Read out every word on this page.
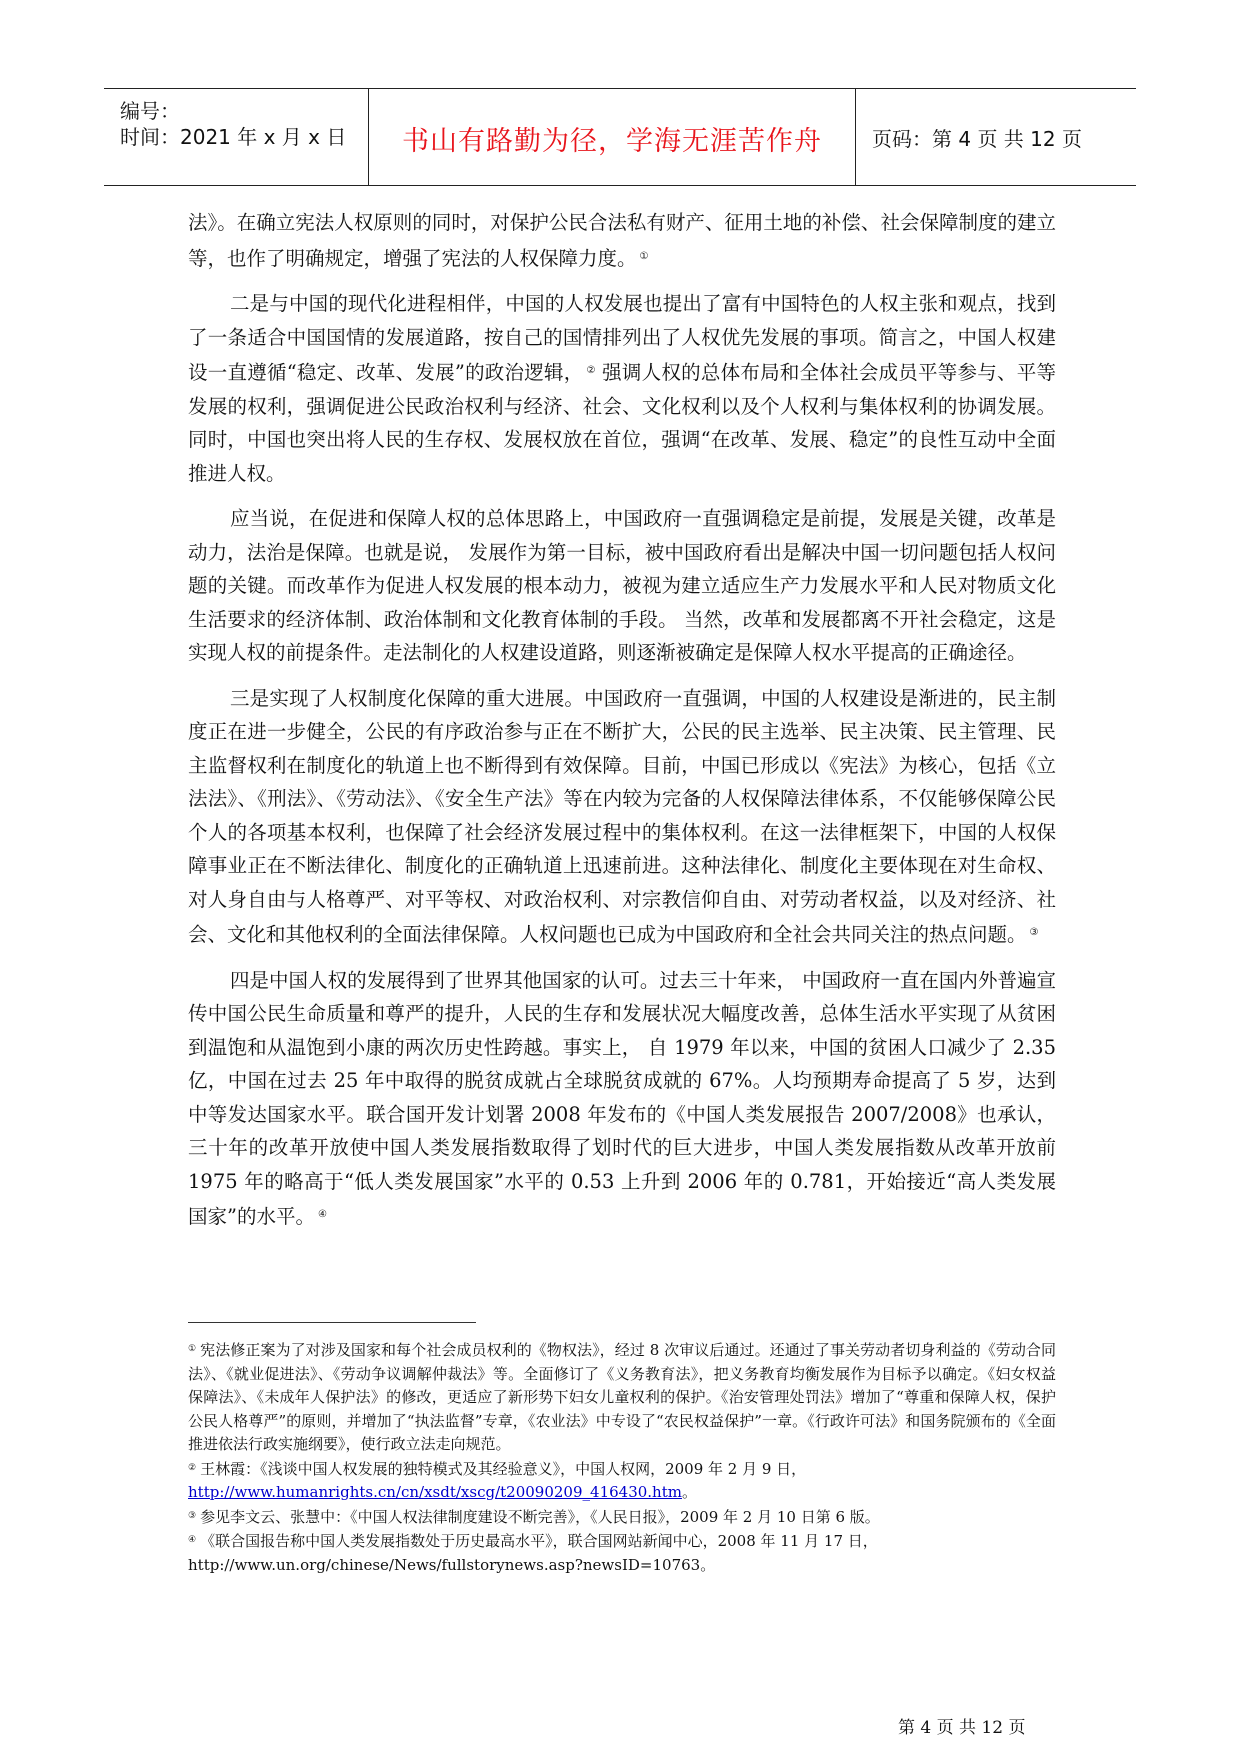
编号：
时间：2021 年 x 月 x 日	书山有路勤为径，学海无涯苦作舟	页码：第 4 页 共 12 页

法》。在确立宪法人权原则的同时，对保护公民合法私有财产、征用土地的补偿、社会保障制度的建立等，也作了明确规定，增强了宪法的人权保障力度。 ①

二是与中国的现代化进程相伴，中国的人权发展也提出了富有中国特色的人权主张和观点，找到了一条适合中国国情的发展道路，按自己的国情排列出了人权优先发展的事项。简言之，中国人权建设一直遵循“稳定、改革、发展”的政治逻辑， ② 强调人权的总体布局和全体社会成员平等参与、平等发展的权利，强调促进公民政治权利与经济、社会、文化权利以及个人权利与集体权利的协调发展。同时，中国也突出将人民的生存权、发展权放在首位，强调“在改革、发展、稳定”的良性互动中全面推进人权。

应当说，在促进和保障人权的总体思路上，中国政府一直强调稳定是前提，发展是关键，改革是动力，法治是保障。也就是说， 发展作为第一目标，被中国政府看出是解决中国一切问题包括人权问题的关键。而改革作为促进人权发展的根本动力，被视为建立适应生产力发展水平和人民对物质文化生活要求的经济体制、政治体制和文化教育体制的手段。 当然，改革和发展都离不开社会稳定，这是实现人权的前提条件。走法制化的人权建设道路，则逐渐被确定是保障人权水平提高的正确途径。

三是实现了人权制度化保障的重大进展。中国政府一直强调，中国的人权建设是渐进的，民主制度正在进一步健全，公民的有序政治参与正在不断扩大，公民的民主选举、民主决策、民主管理、民主监督权利在制度化的轨道上也不断得到有效保障。目前，中国已形成以《宪法》为核心，包括《立法法》、《刑法》、《劳动法》、《安全生产法》等在内较为完备的人权保障法律体系，不仅能够保障公民个人的各项基本权利，也保障了社会经济发展过程中的集体权利。在这一法律框架下，中国的人权保障事业正在不断法律化、制度化的正确轨道上迅速前进。这种法律化、制度化主要体现在对生命权、对人身自由与人格尊严、对平等权、对政治权利、对宗教信仰自由、对劳动者权益，以及对经济、社会、文化和其他权利的全面法律保障。人权问题也已成为中国政府和全社会共同关注的热点问题。 ③

四是中国人权的发展得到了世界其他国家的认可。过去三十年来， 中国政府一直在国内外普遍宣传中国公民生命质量和尊严的提升，人民的生存和发展状况大幅度改善，总体生活水平实现了从贫困到温饱和从温饱到小康的两次历史性跨越。事实上， 自 1979 年以来，中国的贫困人口减少了 2.35 亿，中国在过去 25 年中取得的脱贫成就占全球脱贫成就的 67%。人均预期寿命提高了 5 岁，达到中等发达国家水平。联合国开发计划署 2008 年发布的《中国人类发展报告 2007/2008》也承认，三十年的改革开放使中国人类发展指数取得了划时代的巨大进步，中国人类发展指数从改革开放前 1975 年的略高于“低人类发展国家”水平的 0.53 上升到 2006 年的 0.781，开始接近“高人类发展国家”的水平。 ④

① 宪法修正案为了对涉及国家和每个社会成员权利的《物权法》，经过 8 次审议后通过。还通过了事关劳动者切身利益的《劳动合同法》、《就业促进法》、《劳动争议调解仲裁法》等。全面修订了《义务教育法》，把义务教育均衡发展作为目标予以确定。《妇女权益保障法》、《未成年人保护法》的修改，更适应了新形势下妇女儿童权利的保护。《治安管理处罚法》增加了“尊重和保障人权，保护公民人格尊严”的原则，并增加了“执法监督”专章，《农业法》中专设了“农民权益保护”一章。《行政许可法》和国务院颁布的《全面推进依法行政实施纲要》，使行政立法走向规范。

② 王林霞：《浅谈中国人权发展的独特模式及其经验意义》，中国人权网，2009 年 2 月 9 日，
http://www.humanrights.cn/cn/xsdt/xscg/t20090209_416430.htm。

③ 参见李文云、张慧中：《中国人权法律制度建设不断完善》，《人民日报》，2009 年 2 月 10 日第 6 版。

④ 《联合国报告称中国人类发展指数处于历史最高水平》，联合国网站新闻中心，2008 年 11 月 17 日，
http://www.un.org/chinese/News/fullstorynews.asp?newsID=10763。

第 4 页 共 12 页
